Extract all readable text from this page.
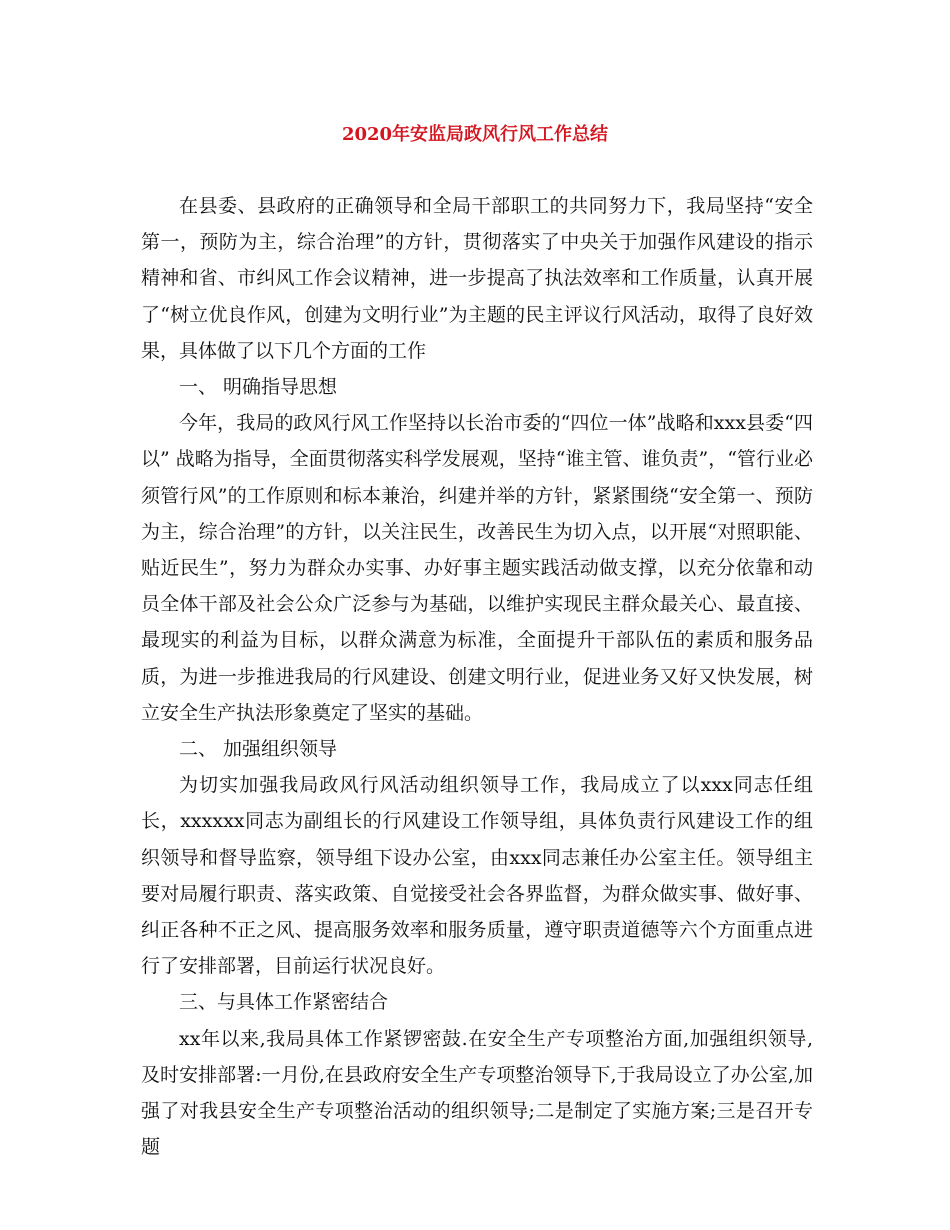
2020年安监局政风行风工作总结

在县委、县政府的正确领导和全局干部职工的共同努力下，我局坚持“安全第一，预防为主，综合治理”的方针，贯彻落实了中央关于加强作风建设的指示精神和省、市纠风工作会议精神，进一步提高了执法效率和工作质量，认真开展了“树立优良作风，创建为文明行业”为主题的民主评议行风活动，取得了良好效果，具体做了以下几个方面的工作

一、 明确指导思想

今年，我局的政风行风工作坚持以长治市委的“四位一体”战略和xxx县委“四以” 战略为指导，全面贯彻落实科学发展观，坚持“谁主管、谁负责”，“管行业必须管行风”的工作原则和标本兼治，纠建并举的方针，紧紧围绕“安全第一、预防为主，综合治理”的方针，以关注民生，改善民生为切入点，以开展“对照职能、贴近民生”，努力为群众办实事、办好事主题实践活动做支撑，以充分依靠和动员全体干部及社会公众广泛参与为基础，以维护实现民主群众最关心、最直接、最现实的利益为目标，以群众满意为标准，全面提升干部队伍的素质和服务品质，为进一步推进我局的行风建设、创建文明行业，促进业务又好又快发展，树立安全生产执法形象奠定了坚实的基础。

二、 加强组织领导

为切实加强我局政风行风活动组织领导工作，我局成立了以xxx同志任组长，xxxxxx同志为副组长的行风建设工作领导组，具体负责行风建设工作的组织领导和督导监察，领导组下设办公室，由xxx同志兼任办公室主任。领导组主要对局履行职责、落实政策、自觉接受社会各界监督，为群众做实事、做好事、纠正各种不正之风、提高服务效率和服务质量，遵守职责道德等六个方面重点进行了安排部署，目前运行状况良好。

三、与具体工作紧密结合

xx年以来,我局具体工作紧锣密鼓.在安全生产专项整治方面,加强组织领导,及时安排部署:一月份,在县政府安全生产专项整治领导下,于我局设立了办公室,加强了对我县安全生产专项整治活动的组织领导;二是制定了实施方案;三是召开专题
